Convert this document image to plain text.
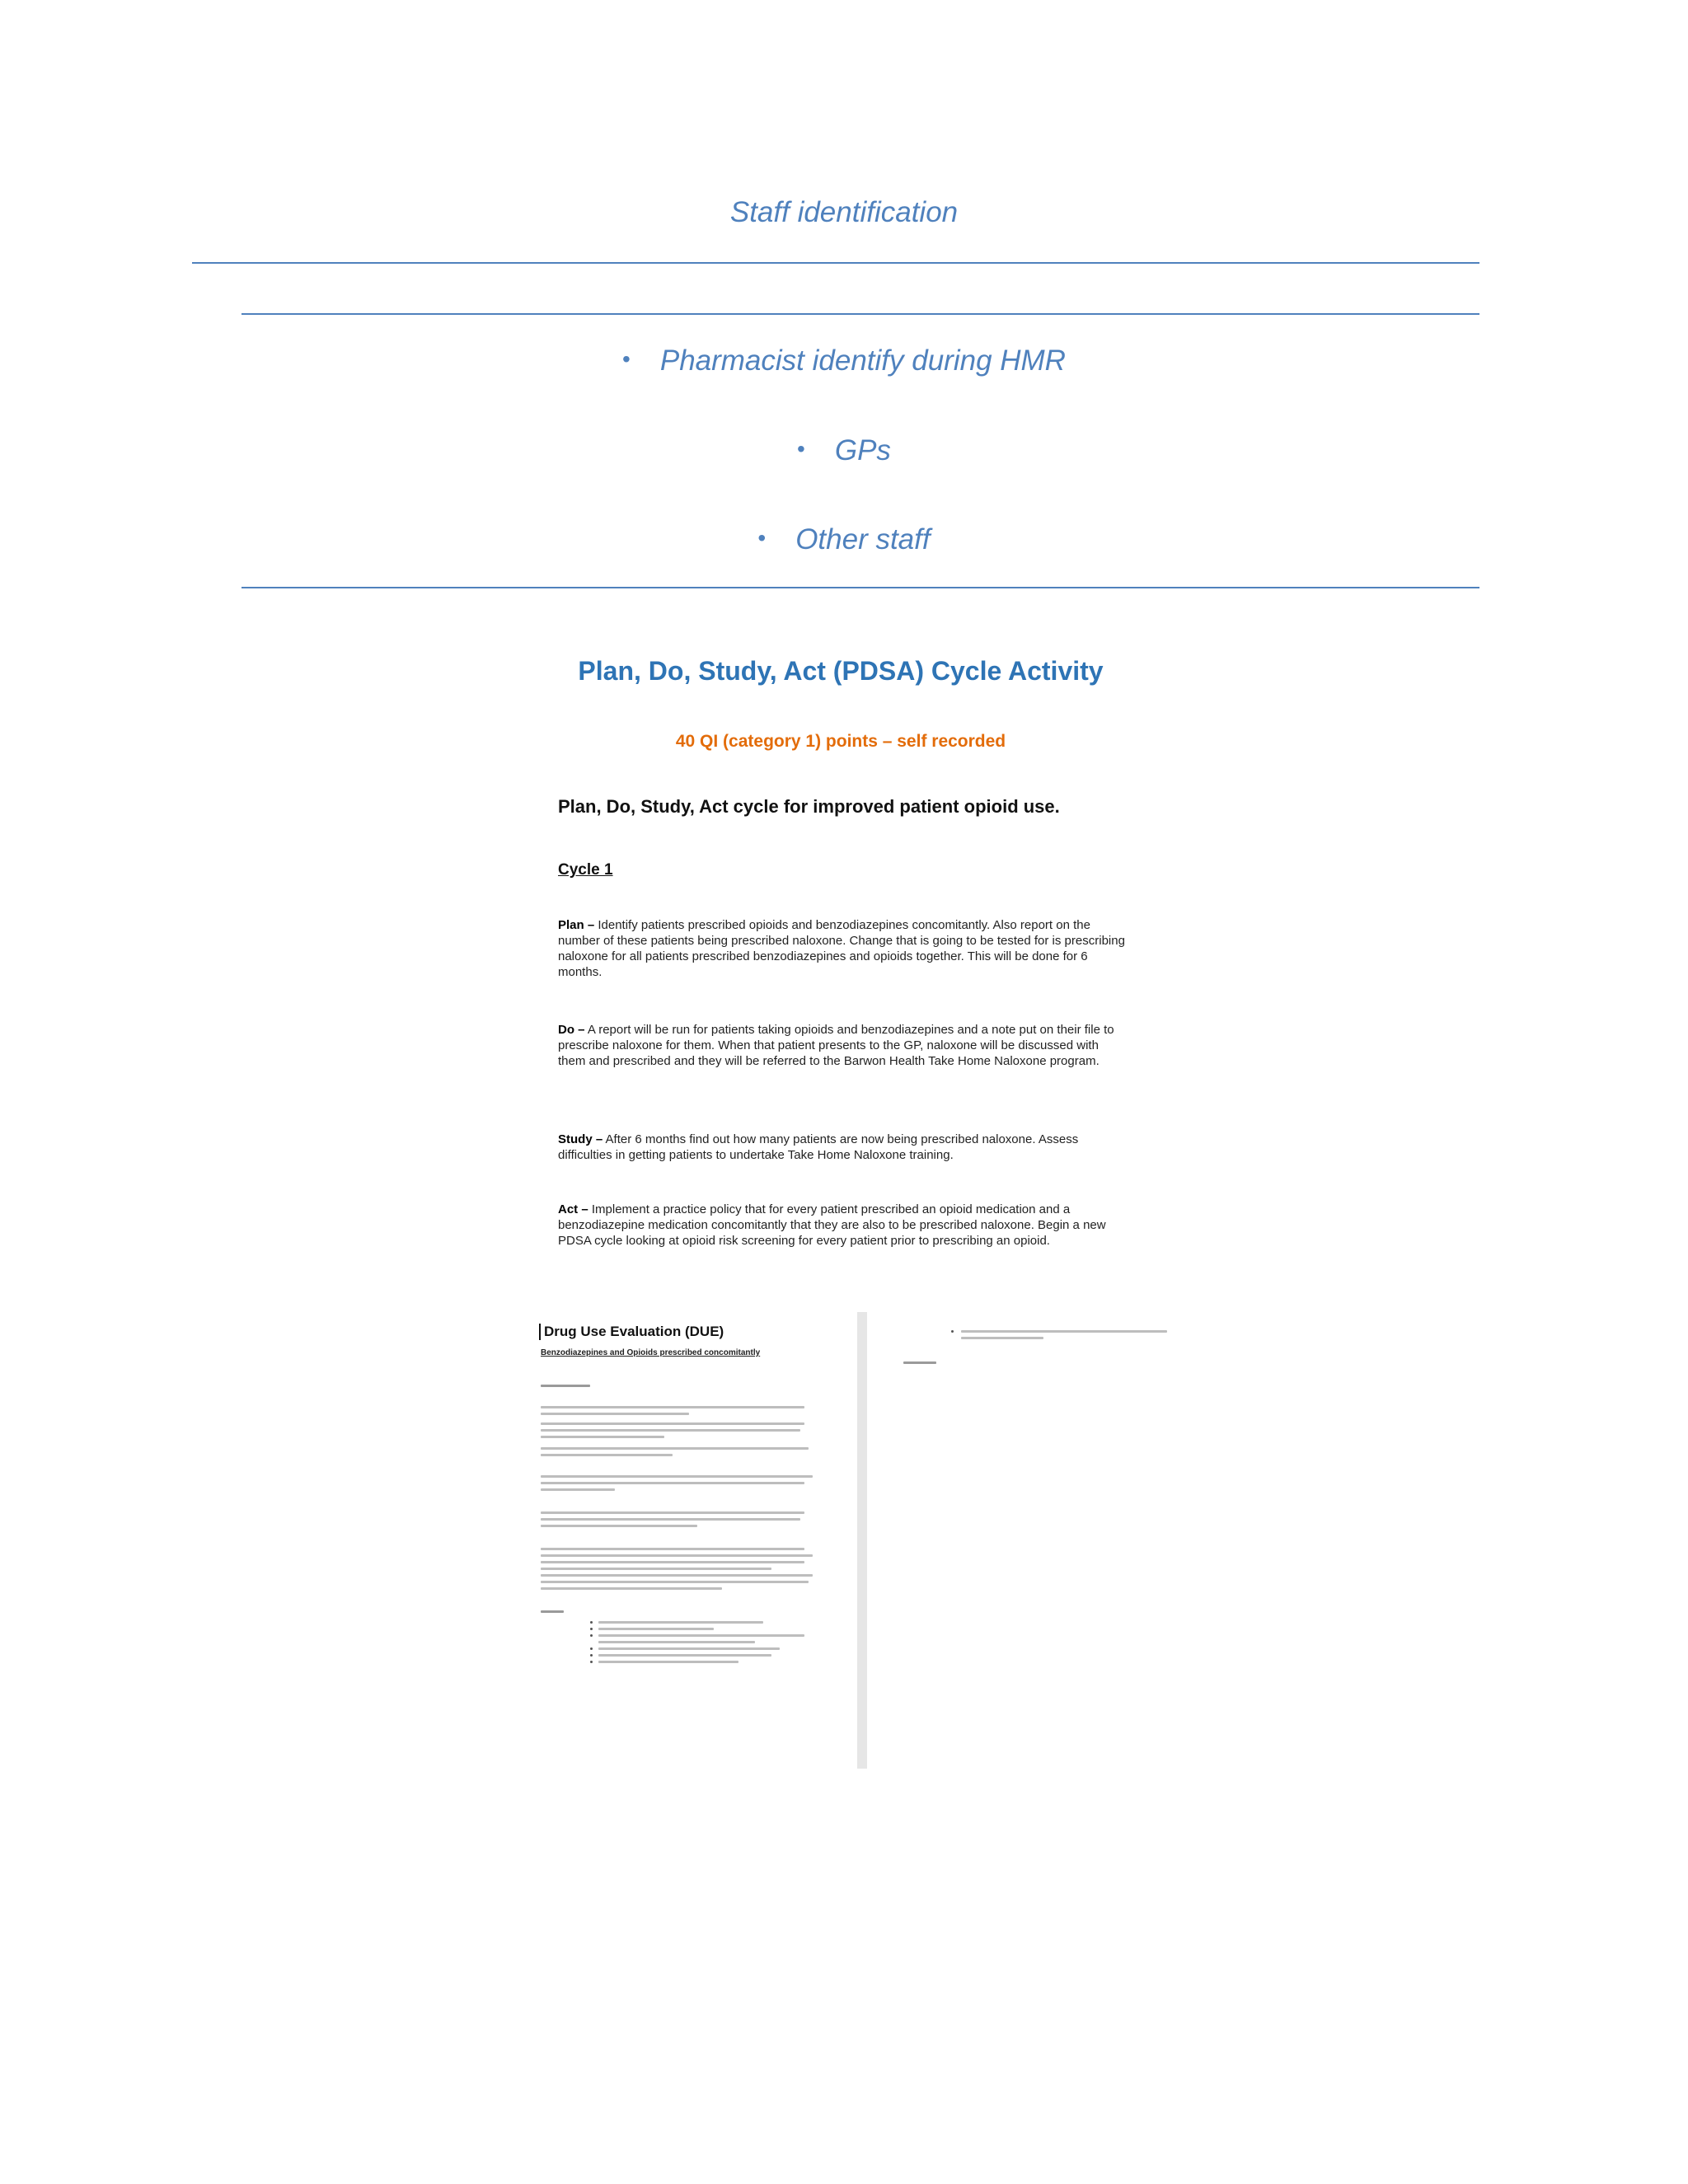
Staff identification
• Pharmacist identify during HMR
• GPs
• Other staff
Plan, Do, Study, Act (PDSA) Cycle Activity
40 QI (category 1) points – self recorded
Plan, Do, Study, Act cycle for improved patient opioid use.
Cycle 1
Plan – Identify patients prescribed opioids and benzodiazepines concomitantly. Also report on the number of these patients being prescribed naloxone. Change that is going to be tested for is prescribing naloxone for all patients prescribed benzodiazepines and opioids together. This will be done for 6 months.
Do – A report will be run for patients taking opioids and benzodiazepines and a note put on their file to prescribe naloxone for them. When that patient presents to the GP, naloxone will be discussed with them and prescribed and they will be referred to the Barwon Health Take Home Naloxone program.
Study – After 6 months find out how many patients are now being prescribed naloxone. Assess difficulties in getting patients to undertake Take Home Naloxone training.
Act – Implement a practice policy that for every patient prescribed an opioid medication and a benzodiazepine medication concomitantly that they are also to be prescribed naloxone. Begin a new PDSA cycle looking at opioid risk screening for every patient prior to prescribing an opioid.
Drug Use Evaluation (DUE)
Benzodiazepines and Opioids prescribed concomitantly
